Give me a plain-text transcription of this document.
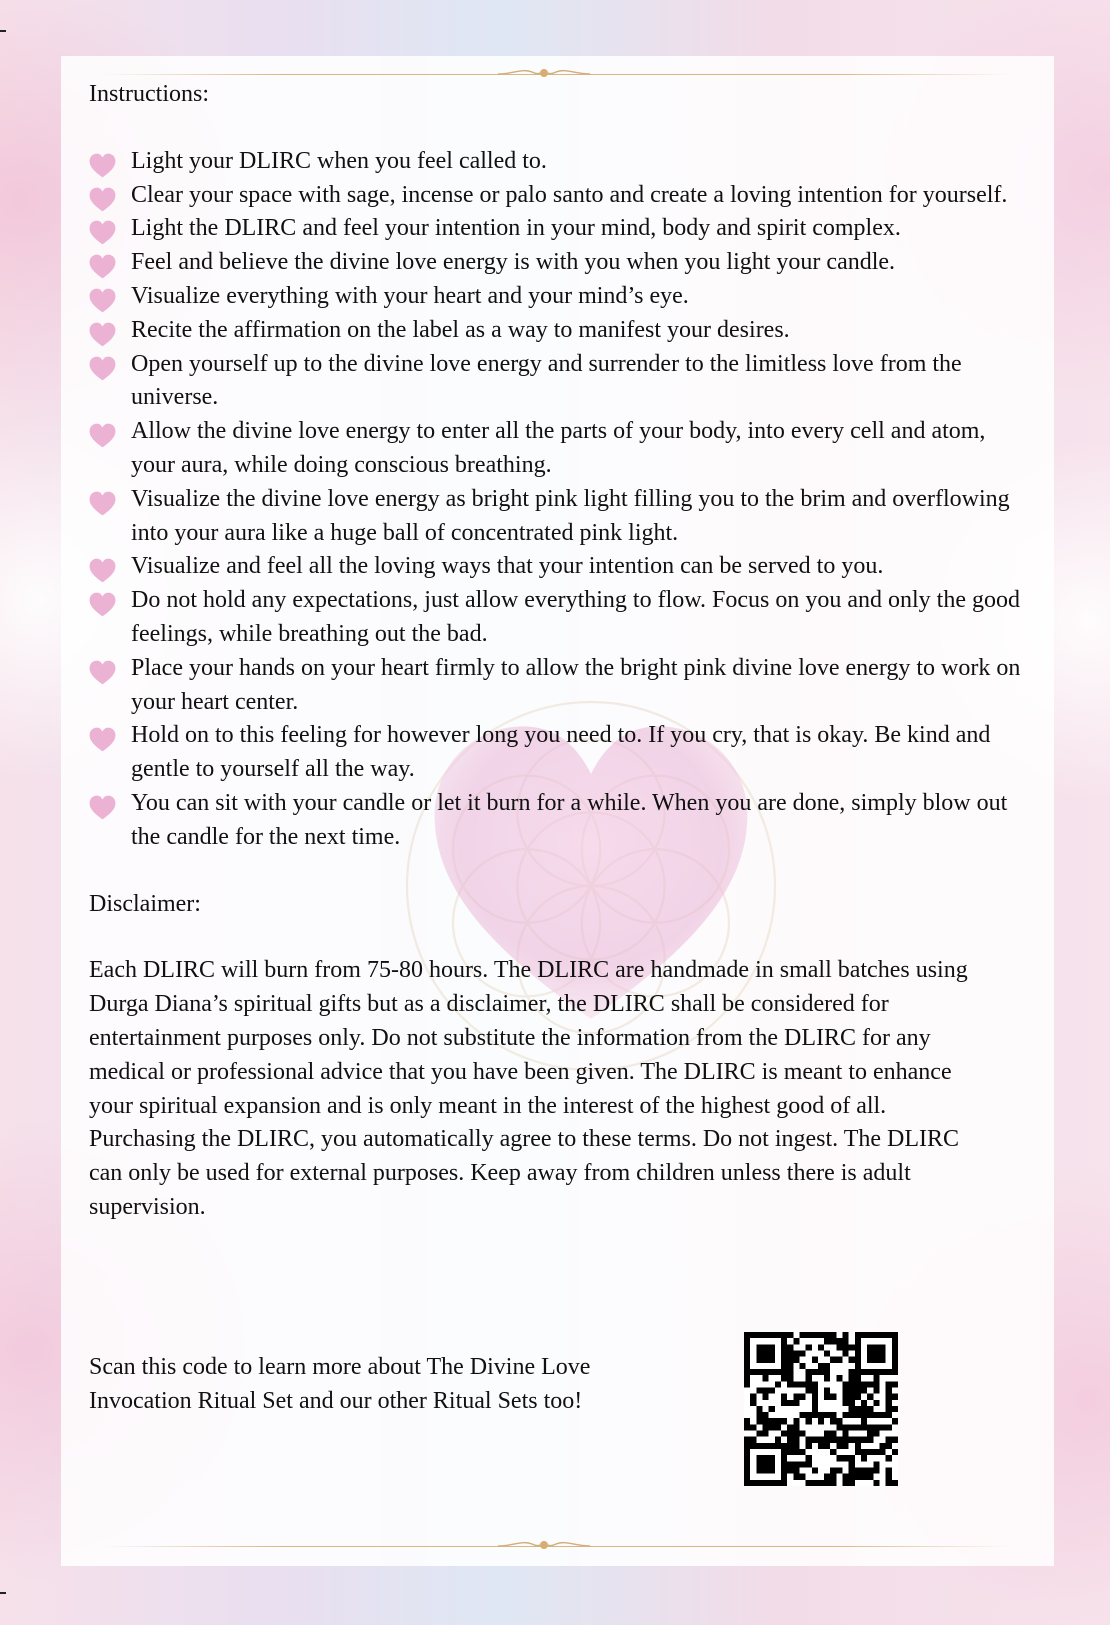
Instructions:

Light your DLIRC when you feel called to.
Clear your space with sage, incense or palo santo and create a loving intention for yourself.
Light the DLIRC and feel your intention in your mind, body and spirit complex.
Feel and believe the divine love energy is with you when you light your candle.
Visualize everything with your heart and your mind’s eye.
Recite the affirmation on the label as a way to manifest your desires.
Open yourself up to the divine love energy and surrender to the limitless love from the universe.
Allow the divine love energy to enter all the parts of your body, into every cell and atom, your aura, while doing conscious breathing.
Visualize the divine love energy as bright pink light filling you to the brim and overflowing into your aura like a huge ball of concentrated pink light.
Visualize and feel all the loving ways that your intention can be served to you.
Do not hold any expectations, just allow everything to flow. Focus on you and only the good feelings, while breathing out the bad.
Place your hands on your heart firmly to allow the bright pink divine love energy to work on your heart center.
Hold on to this feeling for however long you need to. If you cry, that is okay. Be kind and gentle to yourself all the way.
You can sit with your candle or let it burn for a while. When you are done, simply blow out the candle for the next time.

Disclaimer:

Each DLIRC will burn from 75-80 hours. The DLIRC are handmade in small batches using Durga Diana’s spiritual gifts but as a disclaimer, the DLIRC shall be considered for entertainment purposes only. Do not substitute the information from the DLIRC for any medical or professional advice that you have been given. The DLIRC is meant to enhance your spiritual expansion and is only meant in the interest of the highest good of all. Purchasing the DLIRC, you automatically agree to these terms. Do not ingest. The DLIRC can only be used for external purposes. Keep away from children unless there is adult supervision.

Scan this code to learn more about The Divine Love Invocation Ritual Set and our other Ritual Sets too!
